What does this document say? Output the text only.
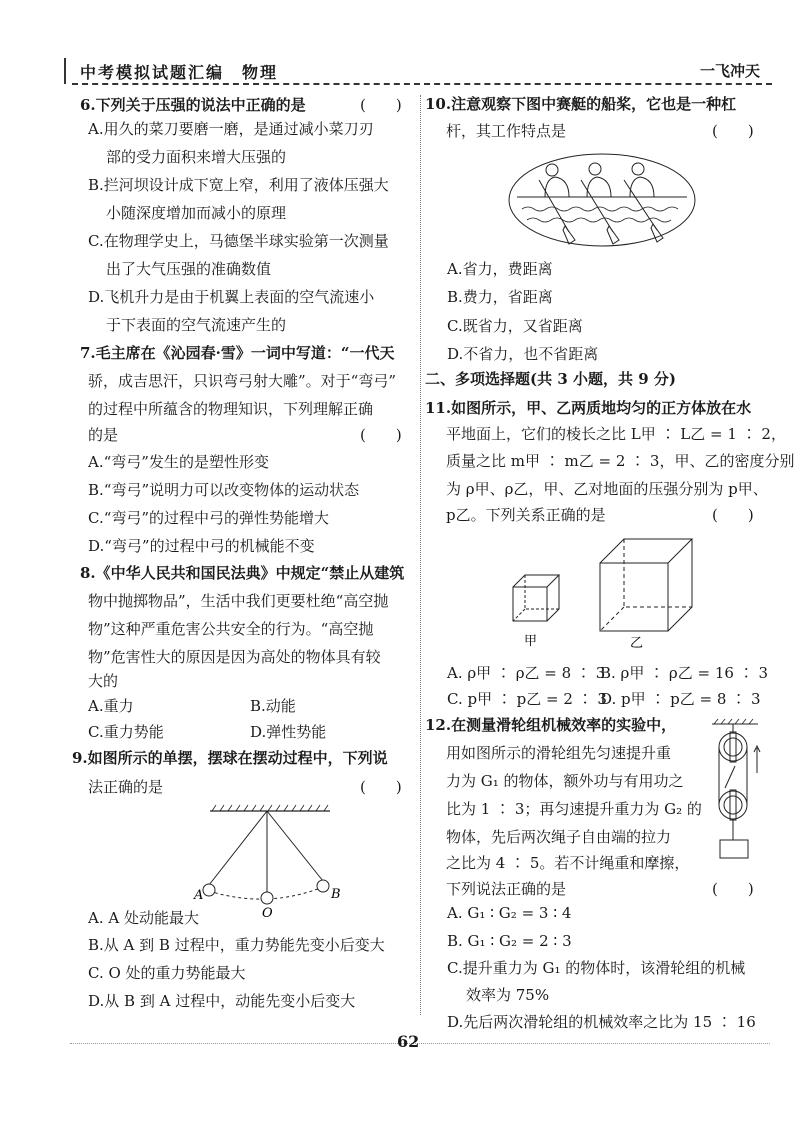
中考模拟试题汇编　物理	一飞冲天
6.下列关于压强的说法中正确的是	(　　)
A.用久的菜刀要磨一磨，是通过减小菜刀刃
部的受力面积来增大压强的
B.拦河坝设计成下宽上窄，利用了液体压强大
小随深度增加而减小的原理
C.在物理学史上，马德堡半球实验第一次测量
出了大气压强的准确数值
D.飞机升力是由于机翼上表面的空气流速小
于下表面的空气流速产生的
7.毛主席在《沁园春·雪》一词中写道：“一代天
骄，成吉思汗，只识弯弓射大雕”。对于“弯弓”
的过程中所蕴含的物理知识，下列理解正确
的是	(　　)
A.“弯弓”发生的是塑性形变
B.“弯弓”说明力可以改变物体的运动状态
C.“弯弓”的过程中弓的弹性势能增大
D.“弯弓”的过程中弓的机械能不变
8.《中华人民共和国民法典》中规定“禁止从建筑
物中抛掷物品”，生活中我们更要杜绝“高空抛
物”这种严重危害公共安全的行为。“高空抛
物”危害性大的原因是因为高处的物体具有较
大的
A.重力	B.动能
C.重力势能	D.弹性势能
9.如图所示的单摆，摆球在摆动过程中，下列说
法正确的是	(　　)
A	B
O
A. A 处动能最大
B.从 A 到 B 过程中，重力势能先变小后变大
C. O 处的重力势能最大
D.从 B 到 A 过程中，动能先变小后变大
10.注意观察下图中赛艇的船桨，它也是一种杠
杆，其工作特点是	(　　)
A.省力，费距离
B.费力，省距离
C.既省力，又省距离
D.不省力，也不省距离
二、多项选择题(共 3 小题，共 9 分)
11.如图所示，甲、乙两质地均匀的正方体放在水
平地面上，它们的棱长之比 L甲 ∶ L乙 = 1 ∶ 2，
质量之比 m甲 ∶ m乙 = 2 ∶ 3，甲、乙的密度分别
为 ρ甲、ρ乙，甲、乙对地面的压强分别为 p甲、
p乙。下列关系正确的是	(　　)
甲	乙
A. ρ甲 ∶ ρ乙 = 8 ∶ 3
B. ρ甲 ∶ ρ乙 = 16 ∶ 3
C. p甲 ∶ p乙 = 2 ∶ 3
D. p甲 ∶ p乙 = 8 ∶ 3
12.在测量滑轮组机械效率的实验中，
用如图所示的滑轮组先匀速提升重
力为 G₁ 的物体，额外功与有用功之
比为 1 ∶ 3；再匀速提升重力为 G₂ 的
物体，先后两次绳子自由端的拉力
之比为 4 ∶ 5。若不计绳重和摩擦，
下列说法正确的是	(　　)
A. G₁ ∶ G₂ = 3 ∶ 4
B. G₁ ∶ G₂ = 2 ∶ 3
C.提升重力为 G₁ 的物体时，该滑轮组的机械
效率为 75%
D.先后两次滑轮组的机械效率之比为 15 ∶ 16
62
